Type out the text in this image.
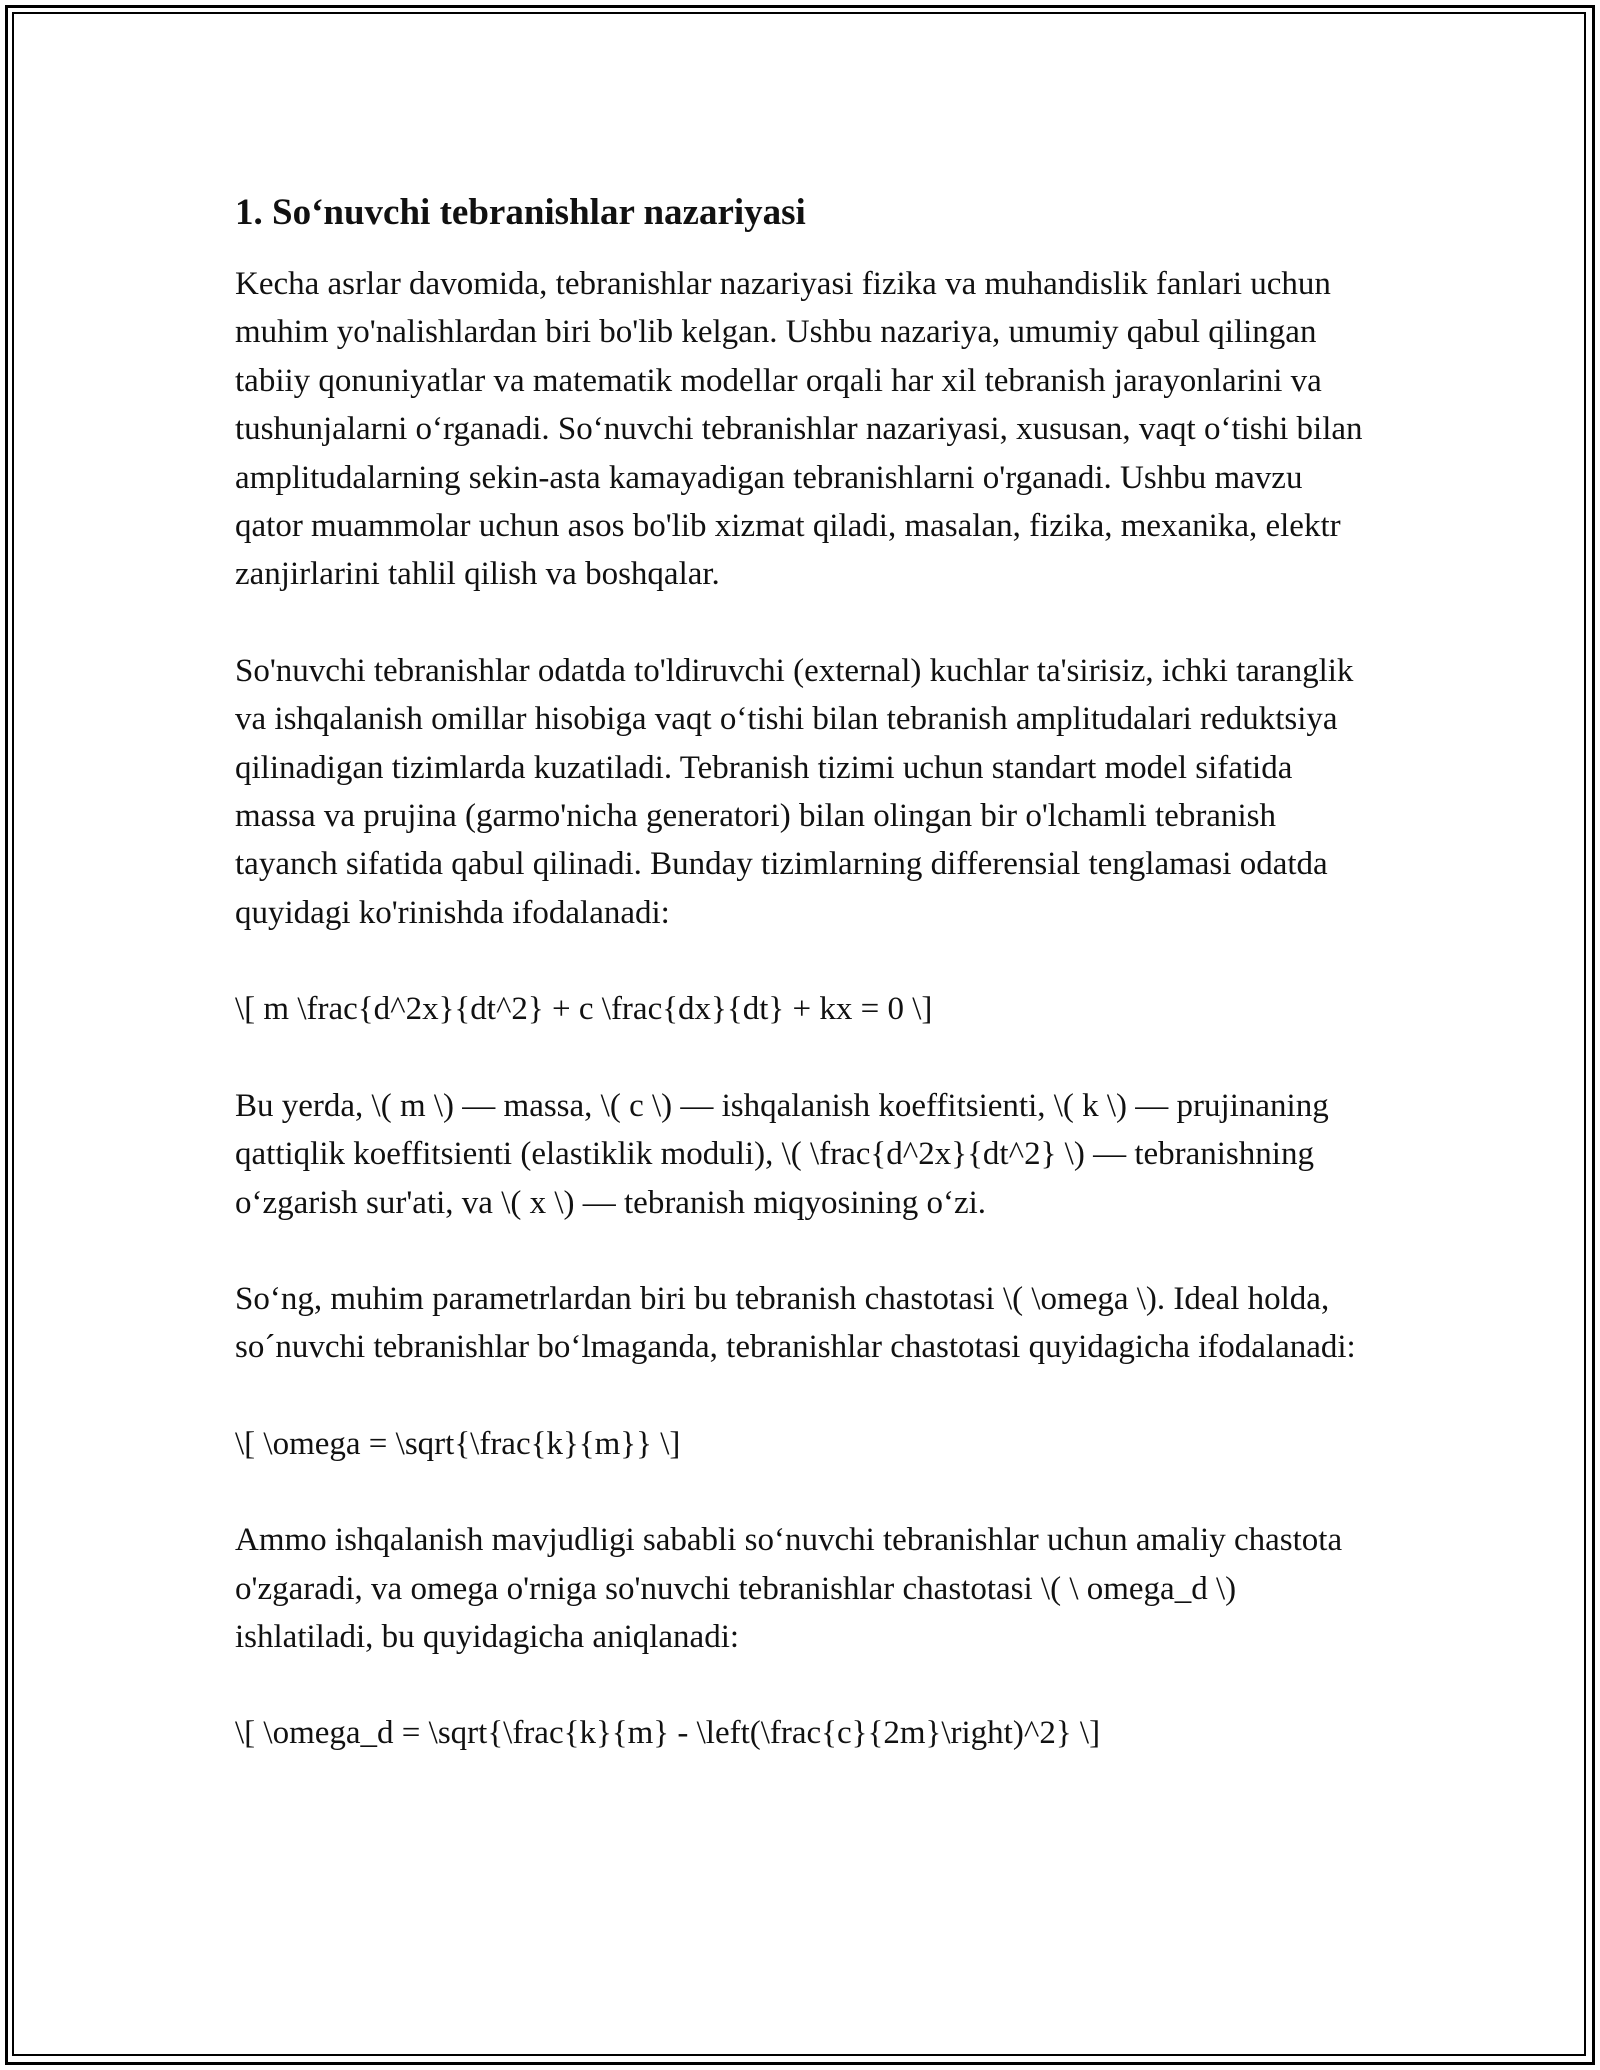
1. So‘nuvchi tebranishlar nazariyasi

Kecha asrlar davomida, tebranishlar nazariyasi fizika va muhandislik fanlari uchun muhim yo'nalishlardan biri bo'lib kelgan. Ushbu nazariya, umumiy qabul qilingan tabiiy qonuniyatlar va matematik modellar orqali har xil tebranish jarayonlarini va tushunjalarni o‘rganadi. So‘nuvchi tebranishlar nazariyasi, xususan, vaqt o‘tishi bilan amplitudalarning sekin-asta kamayadigan tebranishlarni o'rganadi. Ushbu mavzu qator muammolar uchun asos bo'lib xizmat qiladi, masalan, fizika, mexanika, elektr zanjirlarini tahlil qilish va boshqalar.

So'nuvchi tebranishlar odatda to'ldiruvchi (external) kuchlar ta'sirisiz, ichki taranglik va ishqalanish omillar hisobiga vaqt o‘tishi bilan tebranish amplitudalari reduktsiya qilinadigan tizimlarda kuzatiladi. Tebranish tizimi uchun standart model sifatida massa va prujina (garmo'nicha generatori) bilan olingan bir o'lchamli tebranish tayanch sifatida qabul qilinadi. Bunday tizimlarning differensial tenglamasi odatda quyidagi ko'rinishda ifodalanadi:

\[ m \frac{d^2x}{dt^2} + c \frac{dx}{dt} + kx = 0 \]

Bu yerda, \( m \) — massa, \( c \) — ishqalanish koeffitsienti, \( k \) — prujinaning qattiqlik koeffitsienti (elastiklik moduli), \( \frac{d^2x}{dt^2} \) — tebranishning o‘zgarish sur'ati, va \( x \) — tebranish miqyosining o‘zi.

So‘ng, muhim parametrlardan biri bu tebranish chastotasi \( \omega \). Ideal holda, so´nuvchi tebranishlar bo‘lmaganda, tebranishlar chastotasi quyidagicha ifodalanadi:

\[ \omega = \sqrt{\frac{k}{m}} \]

Ammo ishqalanish mavjudligi sababli so‘nuvchi tebranishlar uchun amaliy chastota o'zgaradi, va omega o'rniga so'nuvchi tebranishlar chastotasi \( \ omega_d \) ishlatiladi, bu quyidagicha aniqlanadi:

\[ \omega_d = \sqrt{\frac{k}{m} - \left(\frac{c}{2m}\right)^2} \]
